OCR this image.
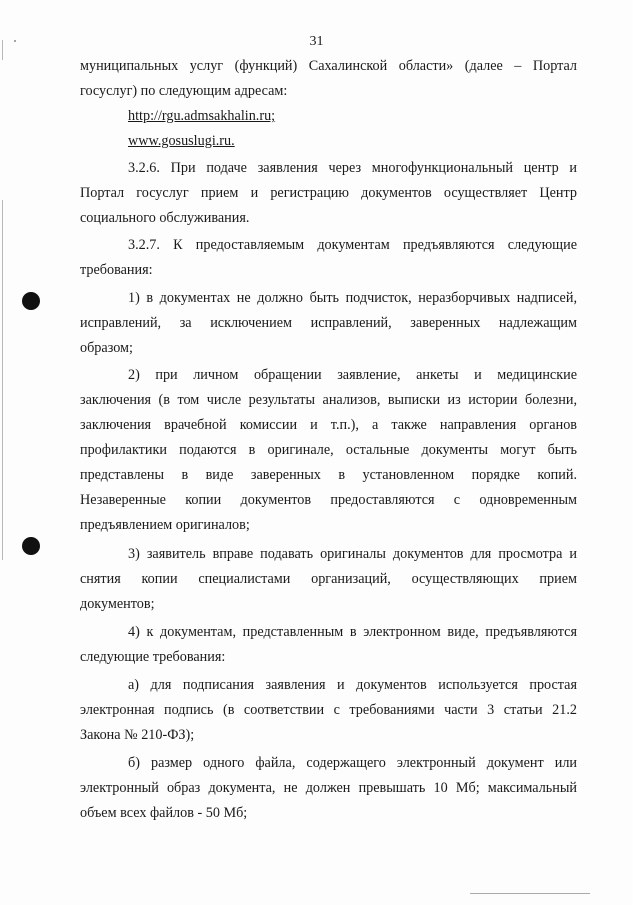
31
муниципальных услуг (функций) Сахалинской области» (далее – Портал
госуслуг) по следующим адресам:
http://rgu.admsakhalin.ru;
www.gosuslugi.ru.
3.2.6. При подаче заявления через многофункциональный центр и
Портал госуслуг прием и регистрацию документов осуществляет Центр
социального обслуживания.
3.2.7. К предоставляемым документам предъявляются следующие
требования:
1) в документах не должно быть подчисток, неразборчивых надписей,
исправлений, за исключением исправлений, заверенных надлежащим
образом;
2) при личном обращении заявление, анкеты и медицинские
заключения (в том числе результаты анализов, выписки из истории болезни,
заключения врачебной комиссии и т.п.), а также направления органов
профилактики подаются в оригинале, остальные документы могут быть
представлены в виде заверенных в установленном порядке копий.
Незаверенные копии документов предоставляются с одновременным
предъявлением оригиналов;
3) заявитель вправе подавать оригиналы документов для просмотра и
снятия копии специалистами организаций, осуществляющих прием
документов;
4) к документам, представленным в электронном виде, предъявляются
следующие требования:
а) для подписания заявления и документов используется простая
электронная подпись (в соответствии с требованиями части 3 статьи 21.2
Закона № 210-ФЗ);
б) размер одного файла, содержащего электронный документ или
электронный образ документа, не должен превышать 10 Мб; максимальный
объем всех файлов - 50 Мб;
